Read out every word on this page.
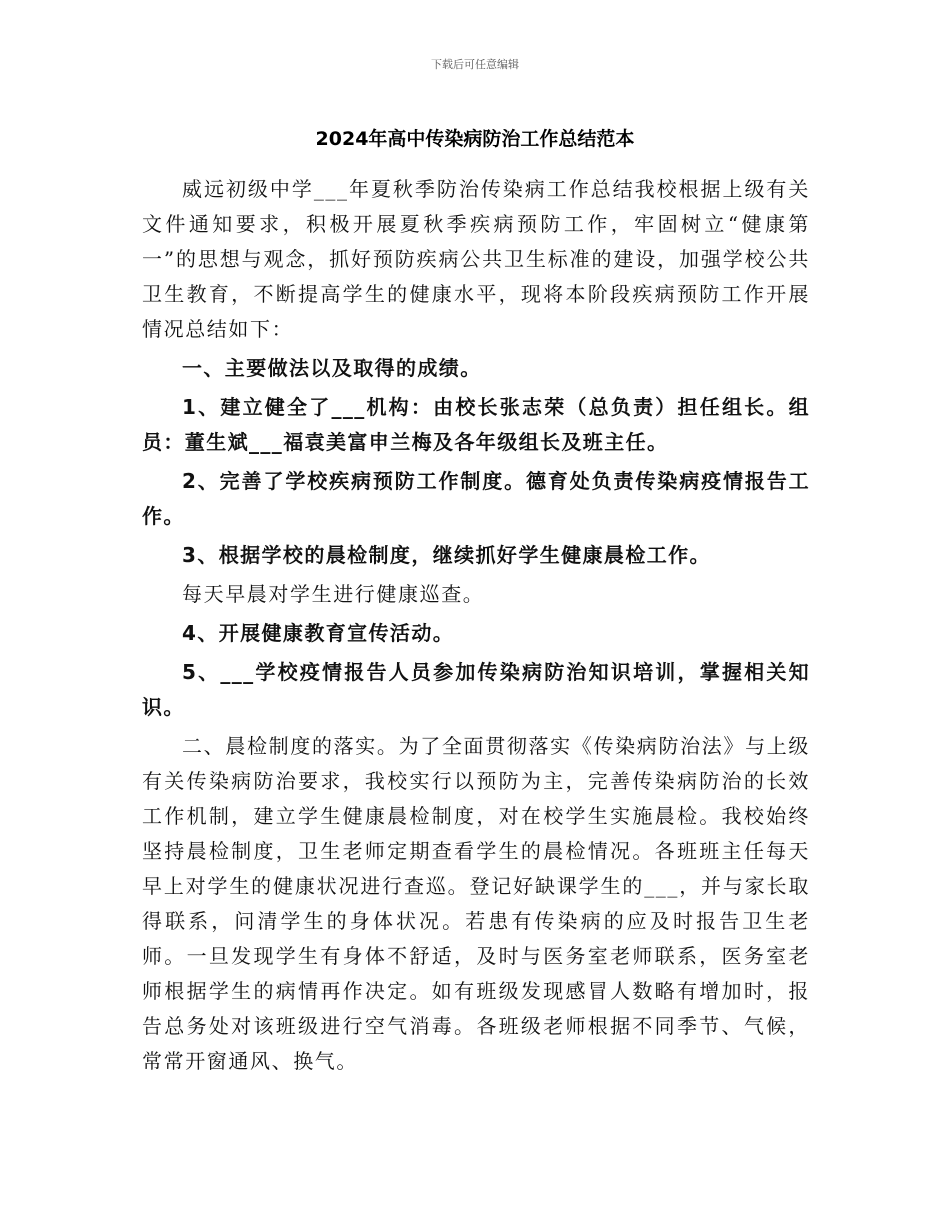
下载后可任意编辑
2024年高中传染病防治工作总结范本

威远初级中学___年夏秋季防治传染病工作总结我校根据上级有关文件通知要求，积极开展夏秋季疾病预防工作，牢固树立“健康第一”的思想与观念，抓好预防疾病公共卫生标准的建设，加强学校公共卫生教育，不断提高学生的健康水平，现将本阶段疾病预防工作开展情况总结如下：

一、主要做法以及取得的成绩。

1、建立健全了___机构：由校长张志荣（总负责）担任组长。组员：董生斌___福袁美富申兰梅及各年级组长及班主任。

2、完善了学校疾病预防工作制度。德育处负责传染病疫情报告工作。

3、根据学校的晨检制度，继续抓好学生健康晨检工作。

每天早晨对学生进行健康巡查。

4、开展健康教育宣传活动。

5、___学校疫情报告人员参加传染病防治知识培训，掌握相关知识。

二、晨检制度的落实。为了全面贯彻落实《传染病防治法》与上级有关传染病防治要求，我校实行以预防为主，完善传染病防治的长效工作机制，建立学生健康晨检制度，对在校学生实施晨检。我校始终坚持晨检制度，卫生老师定期查看学生的晨检情况。各班班主任每天早上对学生的健康状况进行查巡。登记好缺课学生的___，并与家长取得联系，问清学生的身体状况。若患有传染病的应及时报告卫生老师。一旦发现学生有身体不舒适，及时与医务室老师联系，医务室老师根据学生的病情再作决定。如有班级发现感冒人数略有增加时，报告总务处对该班级进行空气消毒。各班级老师根据不同季节、气候，常常开窗通风、换气。
